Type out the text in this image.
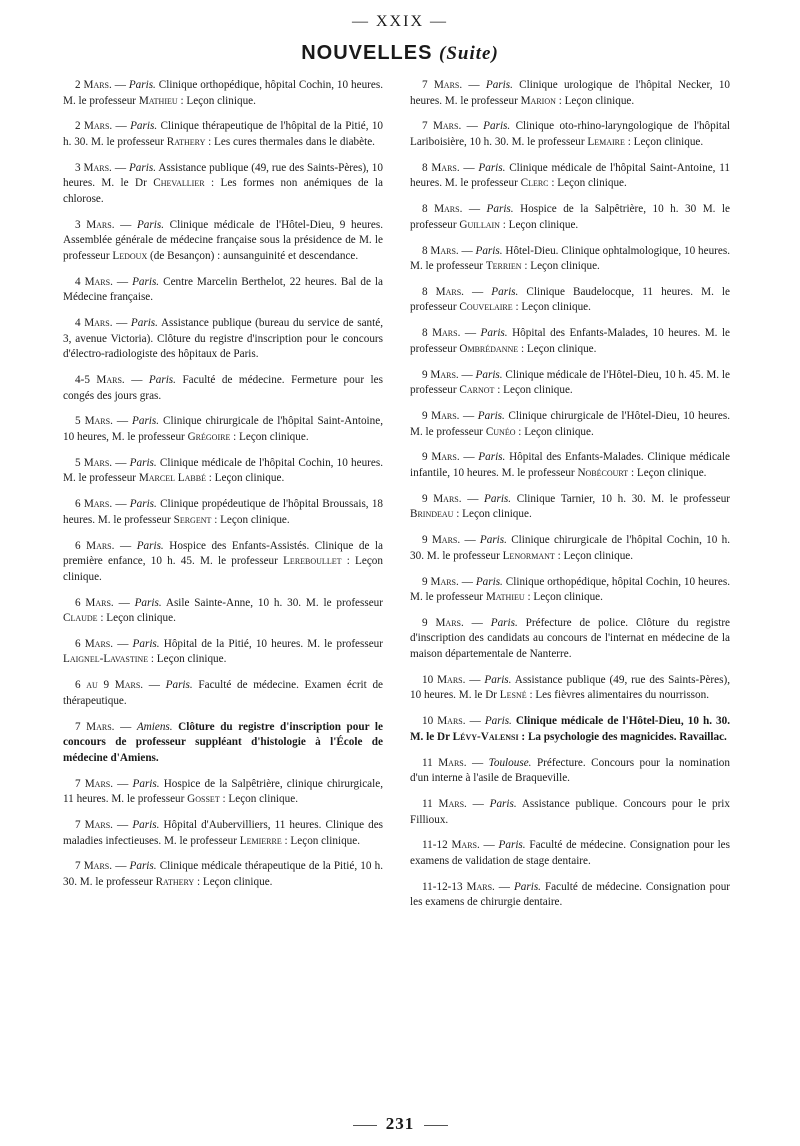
— XXIX —
NOUVELLES (Suite)

2 Mars. — Paris. Clinique orthopédique, hôpital Cochin, 10 heures. M. le professeur Mathieu : Leçon clinique.

2 Mars. — Paris. Clinique thérapeutique de l'hôpital de la Pitié, 10 h. 30. M. le professeur Rathery : Les cures thermales dans le diabète.

3 Mars. — Paris. Assistance publique (49, rue des Saints-Pères), 10 heures. M. le Dr Chevallier : Les formes non anémiques de la chlorose.

3 Mars. — Paris. Clinique médicale de l'Hôtel-Dieu, 9 heures. Assemblée générale de médecine française sous la présidence de M. le professeur Ledoux (de Besançon) : aunsanguinité et descendance.

4 Mars. — Paris. Centre Marcelin Berthelot, 22 heures. Bal de la Médecine française.

4 Mars. — Paris. Assistance publique (bureau du service de santé, 3, avenue Victoria). Clôture du registre d'inscription pour le concours d'électro-radiologiste des hôpitaux de Paris.

4-5 Mars. — Paris. Faculté de médecine. Fermeture pour les congés des jours gras.

5 Mars. — Paris. Clinique chirurgicale de l'hôpital Saint-Antoine, 10 heures, M. le professeur Grégoire : Leçon clinique.

5 Mars. — Paris. Clinique médicale de l'hôpital Cochin, 10 heures. M. le professeur Marcel Labbé : Leçon clinique.

6 Mars. — Paris. Clinique propédeutique de l'hôpital Broussais, 18 heures. M. le professeur Sergent : Leçon clinique.

6 Mars. — Paris. Hospice des Enfants-Assistés. Clinique de la première enfance, 10 h. 45. M. le professeur Lereboullet : Leçon clinique.

6 Mars. — Paris. Asile Sainte-Anne, 10 h. 30. M. le professeur Claude : Leçon clinique.

6 Mars. — Paris. Hôpital de la Pitié, 10 heures. M. le professeur Laignel-Lavastine : Leçon clinique.

6 au 9 Mars. — Paris. Faculté de médecine. Examen écrit de thérapeutique.

7 Mars. — Amiens. Clôture du registre d'inscription pour le concours de professeur suppléant d'histologie à l'École de médecine d'Amiens.

7 Mars. — Paris. Hospice de la Salpêtrière, clinique chirurgicale, 11 heures. M. le professeur Gosset : Leçon clinique.

7 Mars. — Paris. Hôpital d'Aubervilliers, 11 heures. Clinique des maladies infectieuses. M. le professeur Lemierre : Leçon clinique.

7 Mars. — Paris. Clinique médicale thérapeutique de la Pitié, 10 h. 30. M. le professeur Rathery : Leçon clinique.

7 Mars. — Paris. Clinique urologique de l'hôpital Necker, 10 heures. M. le professeur Marion : Leçon clinique.

7 Mars. — Paris. Clinique oto-rhino-laryngologique de l'hôpital Lariboisière, 10 h. 30. M. le professeur Lemaire : Leçon clinique.

8 Mars. — Paris. Clinique médicale de l'hôpital Saint-Antoine, 11 heures. M. le professeur Clerc : Leçon clinique.

8 Mars. — Paris. Hospice de la Salpêtrière, 10 h. 30 M. le professeur Guillain : Leçon clinique.

8 Mars. — Paris. Hôtel-Dieu. Clinique ophtalmologique, 10 heures. M. le professeur Terrien : Leçon clinique.

8 Mars. — Paris. Clinique Baudelocque, 11 heures. M. le professeur Couvelaire : Leçon clinique.

8 Mars. — Paris. Hôpital des Enfants-Malades, 10 heures. M. le professeur Ombrédanne : Leçon clinique.

9 Mars. — Paris. Clinique médicale de l'Hôtel-Dieu, 10 h. 45. M. le professeur Carnot : Leçon clinique.

9 Mars. — Paris. Clinique chirurgicale de l'Hôtel-Dieu, 10 heures. M. le professeur Cunéo : Leçon clinique.

9 Mars. — Paris. Hôpital des Enfants-Malades. Clinique médicale infantile, 10 heures. M. le professeur Nobécourt : Leçon clinique.

9 Mars. — Paris. Clinique Tarnier, 10 h. 30. M. le professeur Brindeau : Leçon clinique.

9 Mars. — Paris. Clinique chirurgicale de l'hôpital Cochin, 10 h. 30. M. le professeur Lenormant : Leçon clinique.

9 Mars. — Paris. Clinique orthopédique, hôpital Cochin, 10 heures. M. le professeur Mathieu : Leçon clinique.

9 Mars. — Paris. Préfecture de police. Clôture du registre d'inscription des candidats au concours de l'internat en médecine de la maison départementale de Nanterre.

10 Mars. — Paris. Assistance publique (49, rue des Saints-Pères), 10 heures. M. le Dr Lesné : Les fièvres alimentaires du nourrisson.

10 Mars. — Paris. Clinique médicale de l'Hôtel-Dieu, 10 h. 30. M. le Dr Lévy-Valensi : La psychologie des magnicides. Ravaillac.

11 Mars. — Toulouse. Préfecture. Concours pour la nomination d'un interne à l'asile de Braqueville.

11 Mars. — Paris. Assistance publique. Concours pour le prix Fillioux.

11-12 Mars. — Paris. Faculté de médecine. Consignation pour les examens de validation de stage dentaire.

11-12-13 Mars. — Paris. Faculté de médecine. Consignation pour les examens de chirurgie dentaire.

231
